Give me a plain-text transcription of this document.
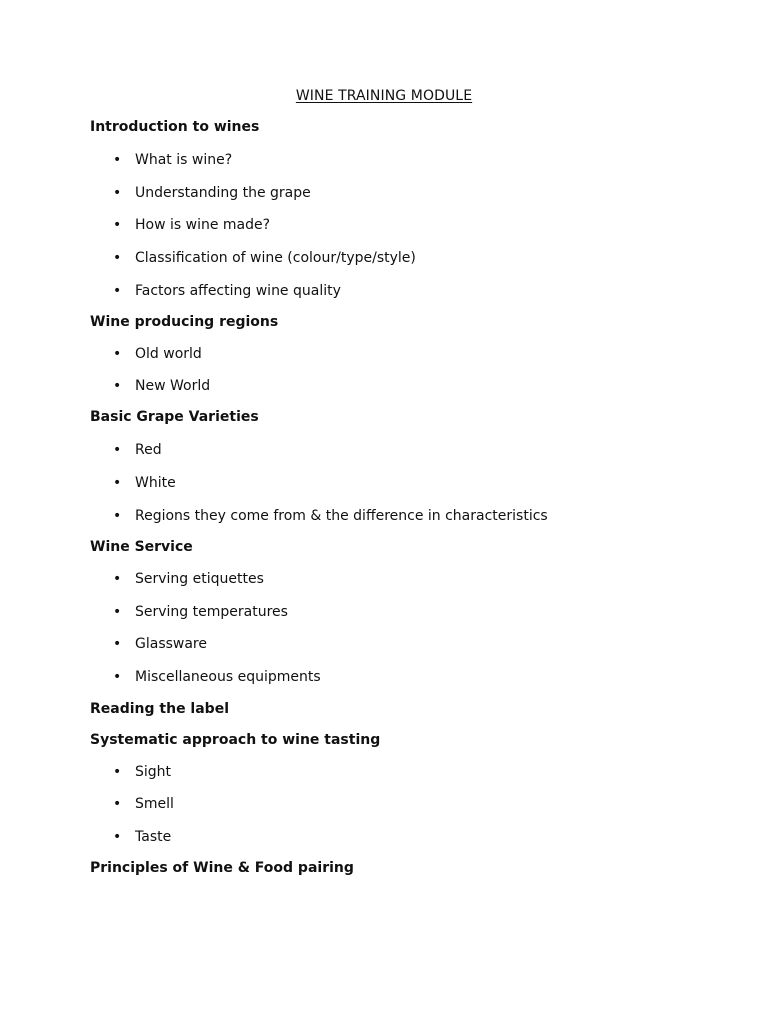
WINE TRAINING MODULE
Introduction to wines
• What is wine?
• Understanding the grape
• How is wine made?
• Classification of wine (colour/type/style)
• Factors affecting wine quality
Wine producing regions
• Old world
• New World
Basic Grape Varieties
• Red
• White
• Regions they come from & the difference in characteristics
Wine Service
• Serving etiquettes
• Serving temperatures
• Glassware
• Miscellaneous equipments
Reading the label
Systematic approach to wine tasting
• Sight
• Smell
• Taste
Principles of Wine & Food pairing
